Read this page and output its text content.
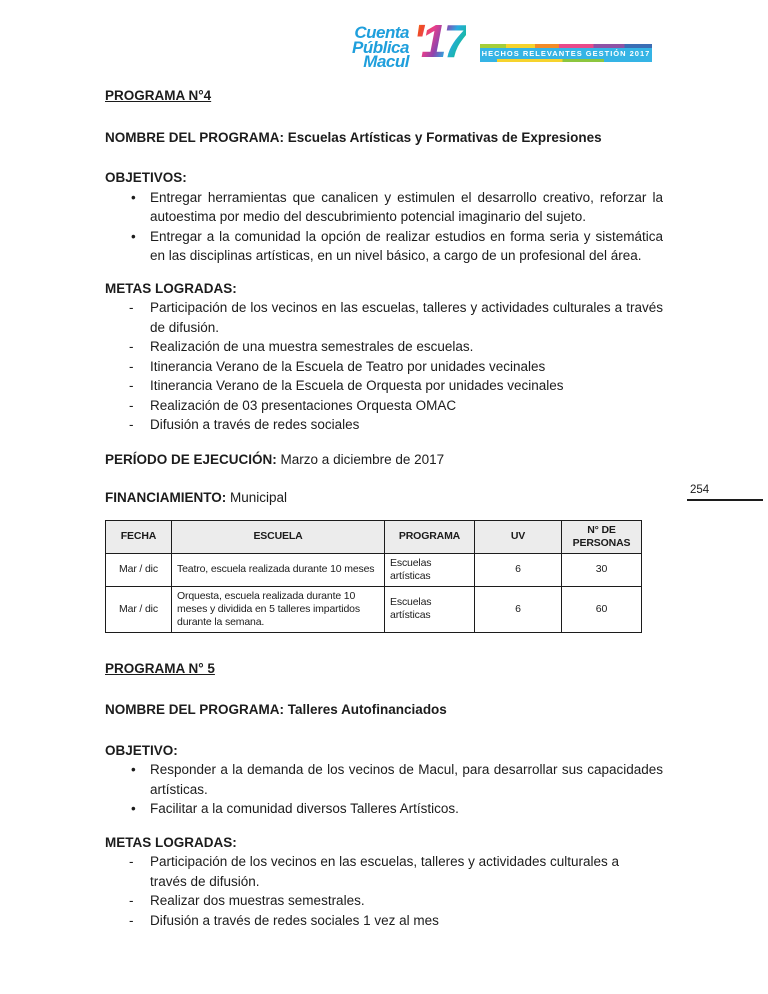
Cuenta
Pública
Macul '17 HECHOS RELEVANTES GESTIÓN 2017
254
PROGRAMA N°4

NOMBRE DEL PROGRAMA: Escuelas Artísticas y Formativas de Expresiones

OBJETIVOS:
• Entregar herramientas que canalicen y estimulen el desarrollo creativo, reforzar la autoestima por medio del descubrimiento potencial imaginario del sujeto.
• Entregar a la comunidad la opción de realizar estudios en forma seria y sistemática en las disciplinas artísticas, en un nivel básico, a cargo de un profesional del área.
METAS LOGRADAS:
- Participación de los vecinos en las escuelas, talleres y actividades culturales a través de difusión.
- Realización de una muestra semestrales de escuelas.
- Itinerancia Verano de la Escuela de Teatro por unidades vecinales
- Itinerancia Verano de la Escuela de Orquesta por unidades vecinales
- Realización de 03 presentaciones Orquesta OMAC
- Difusión a través de redes sociales

PERÍODO DE EJECUCIÓN: Marzo a diciembre de 2017

FINANCIAMIENTO: Municipal

FECHA	ESCUELA	PROGRAMA	UV	N° DE PERSONAS
Mar / dic	Teatro, escuela realizada durante 10 meses	Escuelas artísticas	6	30
Mar / dic	Orquesta, escuela realizada durante 10 meses y dividida en 5 talleres impartidos durante la semana.	Escuelas artísticas	6	60
PROGRAMA N° 5

NOMBRE DEL PROGRAMA: Talleres Autofinanciados

OBJETIVO:
• Responder a la demanda de los vecinos de Macul, para desarrollar sus capacidades artísticas.
• Facilitar a la comunidad diversos Talleres Artísticos.
METAS LOGRADAS:
- Participación de los vecinos en las escuelas, talleres y actividades culturales a través de difusión.
- Realizar dos muestras semestrales.
- Difusión a través de redes sociales 1 vez al mes
